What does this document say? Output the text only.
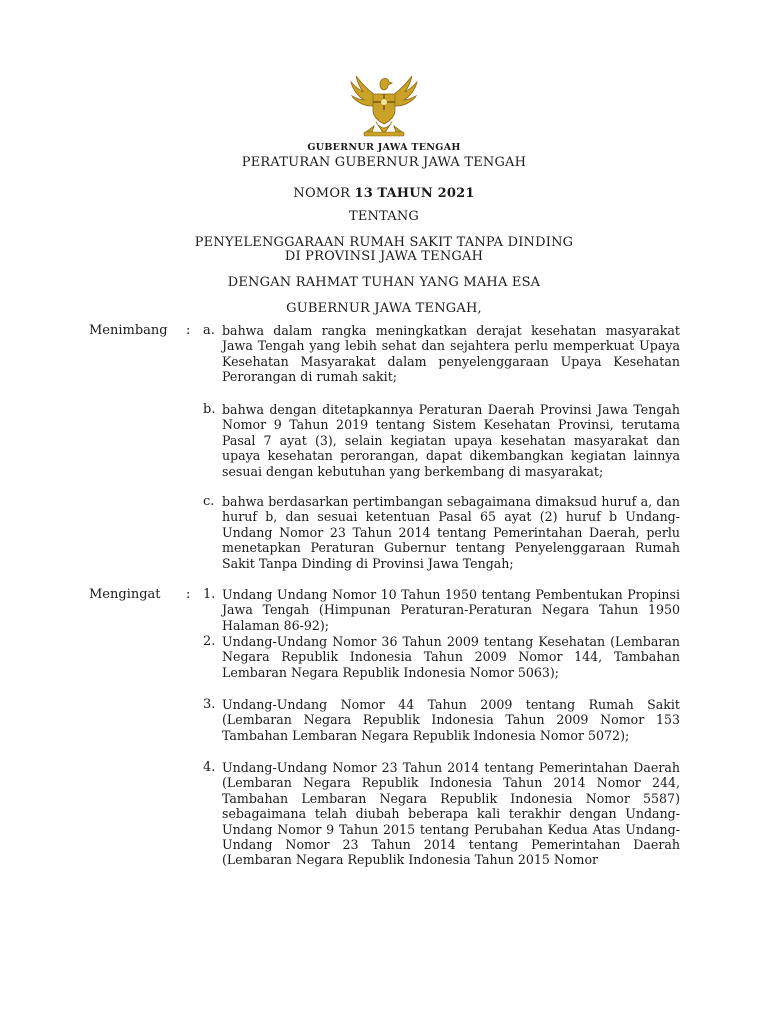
GUBERNUR JAWA TENGAH
PERATURAN GUBERNUR JAWA TENGAH
NOMOR 13 TAHUN 2021
TENTANG
PENYELENGGARAAN RUMAH SAKIT TANPA DINDING
DI PROVINSI JAWA TENGAH
DENGAN RAHMAT TUHAN YANG MAHA ESA
GUBERNUR JAWA TENGAH,
Menimbang : a. bahwa dalam rangka meningkatkan derajat kesehatan masyarakat Jawa Tengah yang lebih sehat dan sejahtera perlu memperkuat Upaya Kesehatan Masyarakat dalam penyelenggaraan Upaya Kesehatan Perorangan di rumah sakit;
b. bahwa dengan ditetapkannya Peraturan Daerah Provinsi Jawa Tengah Nomor 9 Tahun 2019 tentang Sistem Kesehatan Provinsi, terutama Pasal 7 ayat (3), selain kegiatan upaya kesehatan masyarakat dan upaya kesehatan perorangan, dapat dikembangkan kegiatan lainnya sesuai dengan kebutuhan yang berkembang di masyarakat;
c. bahwa berdasarkan pertimbangan sebagaimana dimaksud huruf a, dan huruf b, dan sesuai ketentuan Pasal 65 ayat (2) huruf b Undang-Undang Nomor 23 Tahun 2014 tentang Pemerintahan Daerah, perlu menetapkan Peraturan Gubernur tentang Penyelenggaraan Rumah Sakit Tanpa Dinding di Provinsi Jawa Tengah;
Mengingat : 1. Undang Undang Nomor 10 Tahun 1950 tentang Pembentukan Propinsi Jawa Tengah (Himpunan Peraturan-Peraturan Negara Tahun 1950 Halaman 86-92);
2. Undang-Undang Nomor 36 Tahun 2009 tentang Kesehatan (Lembaran Negara Republik Indonesia Tahun 2009 Nomor 144, Tambahan Lembaran Negara Republik Indonesia Nomor 5063);
3. Undang-Undang Nomor 44 Tahun 2009 tentang Rumah Sakit (Lembaran Negara Republik Indonesia Tahun 2009 Nomor 153 Tambahan Lembaran Negara Republik Indonesia Nomor 5072);
4. Undang-Undang Nomor 23 Tahun 2014 tentang Pemerintahan Daerah (Lembaran Negara Republik Indonesia Tahun 2014 Nomor 244, Tambahan Lembaran Negara Republik Indonesia Nomor 5587) sebagaimana telah diubah beberapa kali terakhir dengan Undang-Undang Nomor 9 Tahun 2015 tentang Perubahan Kedua Atas Undang-Undang Nomor 23 Tahun 2014 tentang Pemerintahan Daerah (Lembaran Negara Republik Indonesia Tahun 2015 Nomor
